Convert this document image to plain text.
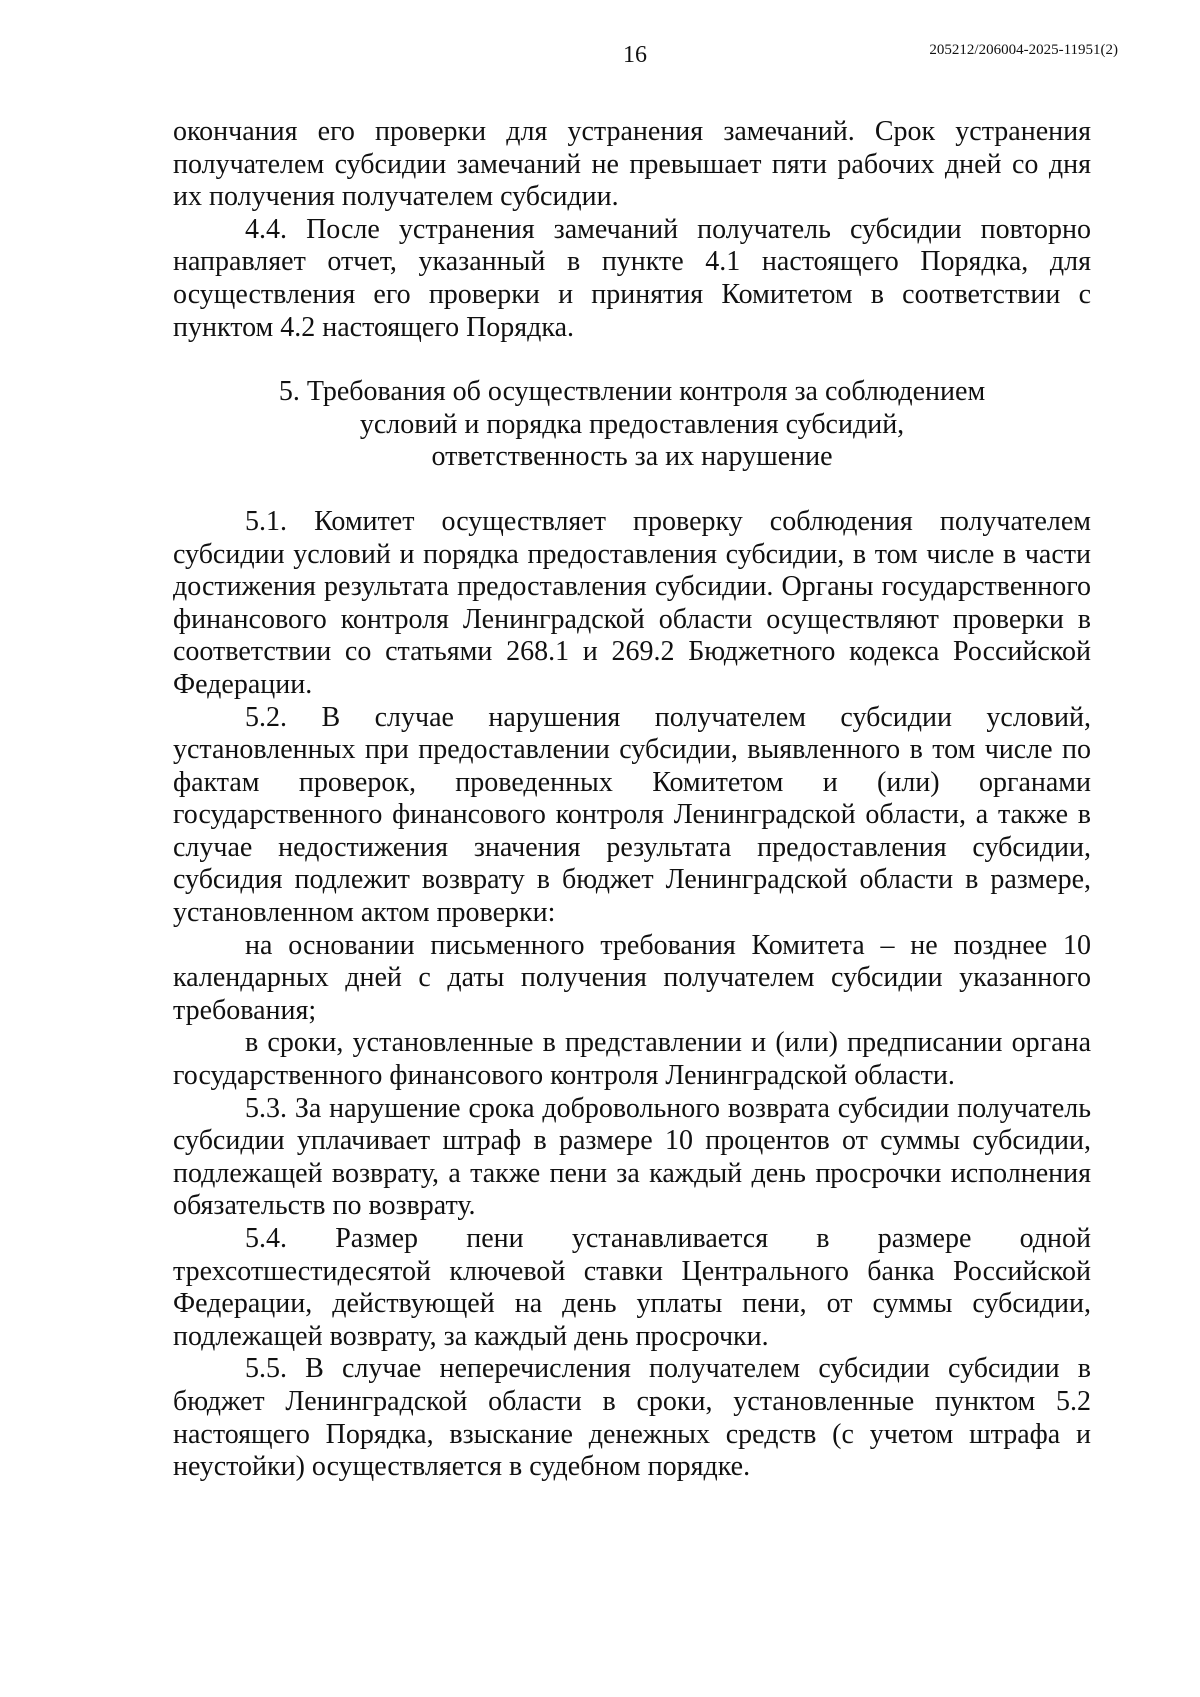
16	205212/206004-2025-11951(2)

окончания его проверки для устранения замечаний. Срок устранения получателем субсидии замечаний не превышает пяти рабочих дней со дня их получения получателем субсидии.

4.4. После устранения замечаний получатель субсидии повторно направляет отчет, указанный в пункте 4.1 настоящего Порядка, для осуществления его проверки и принятия Комитетом в соответствии с пунктом 4.2 настоящего Порядка.

5. Требования об осуществлении контроля за соблюдением
условий и порядка предоставления субсидий,
ответственность за их нарушение

5.1. Комитет осуществляет проверку соблюдения получателем субсидии условий и порядка предоставления субсидии, в том числе в части достижения результата предоставления субсидии. Органы государственного финансового контроля Ленинградской области осуществляют проверки в соответствии со статьями 268.1 и 269.2 Бюджетного кодекса Российской Федерации.

5.2. В случае нарушения получателем субсидии условий, установленных при предоставлении субсидии, выявленного в том числе по фактам проверок, проведенных Комитетом и (или) органами государственного финансового контроля Ленинградской области, а также в случае недостижения значения результата предоставления субсидии, субсидия подлежит возврату в бюджет Ленинградской области в размере, установленном актом проверки:

на основании письменного требования Комитета – не позднее 10 календарных дней с даты получения получателем субсидии указанного требования;

в сроки, установленные в представлении и (или) предписании органа государственного финансового контроля Ленинградской области.

5.3. За нарушение срока добровольного возврата субсидии получатель субсидии уплачивает штраф в размере 10 процентов от суммы субсидии, подлежащей возврату, а также пени за каждый день просрочки исполнения обязательств по возврату.

5.4. Размер пени устанавливается в размере одной трехсотшестидесятой ключевой ставки Центрального банка Российской Федерации, действующей на день уплаты пени, от суммы субсидии, подлежащей возврату, за каждый день просрочки.

5.5. В случае неперечисления получателем субсидии субсидии в бюджет Ленинградской области в сроки, установленные пунктом 5.2 настоящего Порядка, взыскание денежных средств (с учетом штрафа и неустойки) осуществляется в судебном порядке.
